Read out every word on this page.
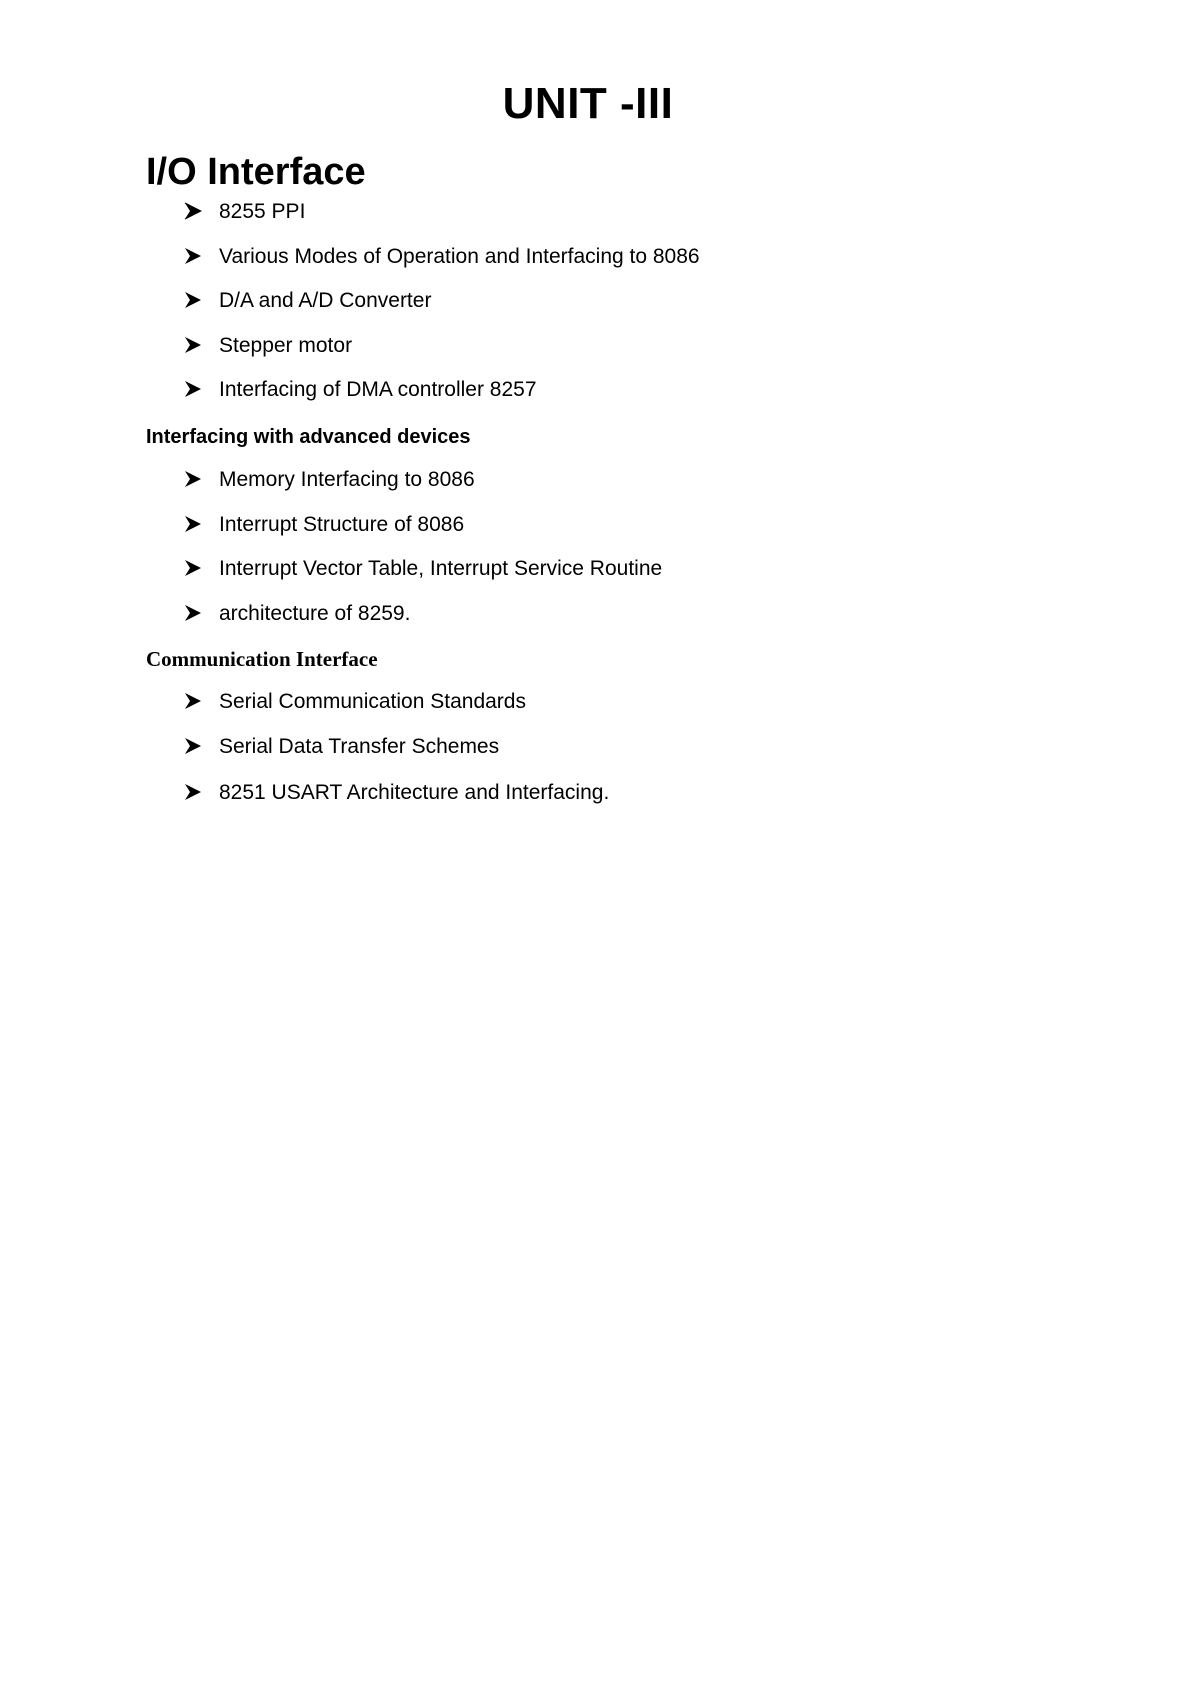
UNIT -III
I/O Interface
8255 PPI
Various Modes of Operation and Interfacing to 8086
D/A and A/D Converter
Stepper motor
Interfacing of DMA controller 8257
Interfacing with advanced devices
Memory Interfacing to 8086
Interrupt Structure of 8086
Interrupt Vector Table, Interrupt Service Routine
architecture of 8259.
Communication Interface
Serial Communication Standards
Serial Data Transfer Schemes
8251 USART Architecture and Interfacing.
